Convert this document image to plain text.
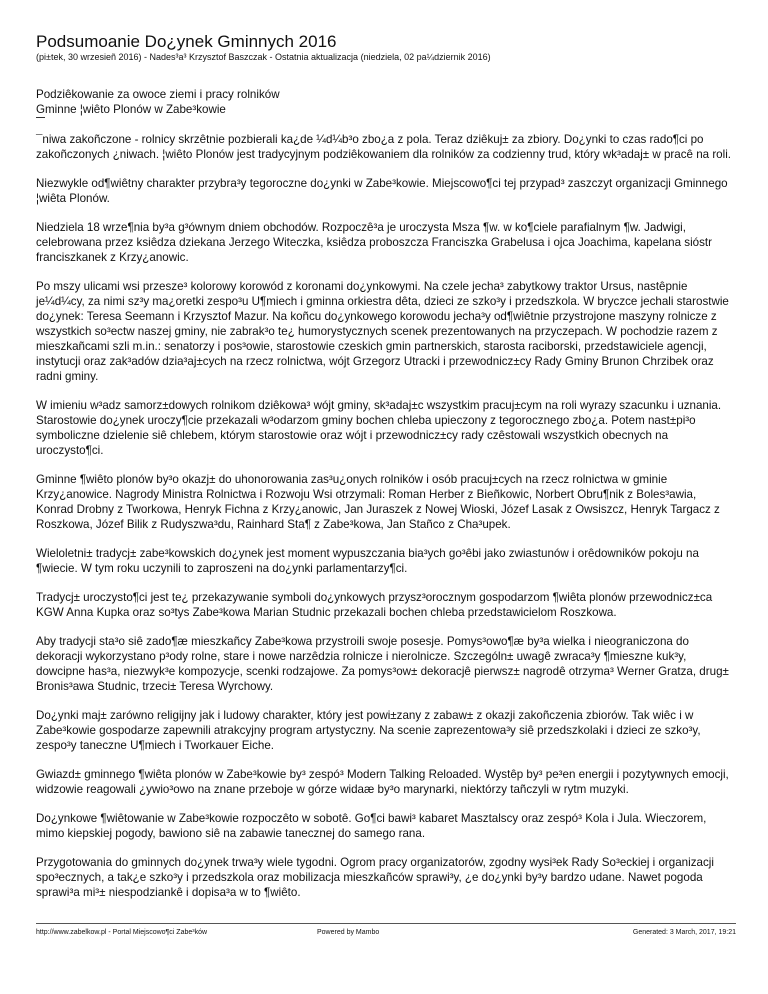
Podsumoanie Do¿ynek Gminnych 2016
(pi±tek, 30 wrzesieñ 2016) - Nades³a³ Krzysztof Baszczak - Ostatnia aktualizacja (niedziela, 02 pa¼dziernik 2016)
Podziêkowanie za owoce ziemi i pracy rolników
Gminne ¦wiêto Plonów w Zabe³kowie

¯niwa zakoñczone - rolnicy skrzêtnie pozbierali ka¿de ¼d¼b³o zbo¿a z pola. Teraz dziêkuj± za zbiory. Do¿ynki to czas rado¶ci po zakoñczonych ¿niwach. ¦wiêto Plonów jest tradycyjnym podziêkowaniem dla rolników za codzienny trud, który wk³adaj± w pracê na roli.

Niezwykle od¶wiêtny charakter przybra³y tegoroczne do¿ynki w Zabe³kowie. Miejscowo¶ci tej przypad³ zaszczyt organizacji Gminnego ¦wiêta Plonów.

Niedziela 18 wrze¶nia by³a g³ównym dniem obchodów. Rozpoczê³a je uroczysta Msza ¶w. w ko¶ciele parafialnym ¶w. Jadwigi, celebrowana przez ksiêdza dziekana Jerzego Witeczka, ksiêdza proboszcza Franciszka Grabelusa i ojca Joachima, kapelana sióstr franciszkanek z Krzy¿anowic.

Po mszy ulicami wsi przesze³ kolorowy korowód z koronami do¿ynkowymi. Na czele jecha³ zabytkowy traktor Ursus, nastêpnie je¼d¼cy, za nimi sz³y ma¿oretki zespo³u U¶miech i gminna orkiestra dêta, dzieci ze szko³y i przedszkola. W bryczce jechali starostwie do¿ynek: Teresa Seemann i Krzysztof Mazur. Na koñcu do¿ynkowego korowodu jecha³y od¶wiêtnie przystrojone maszyny rolnicze z wszystkich so³ectw naszej gminy, nie zabrak³o te¿ humorystycznych scenek prezentowanych na przyczepach. W pochodzie razem z mieszkañcami szli m.in.: senatorzy i pos³owie, starostowie czeskich gmin partnerskich, starosta raciborski, przedstawiciele agencji, instytucji oraz zak³adów dzia³aj±cych na rzecz rolnictwa, wójt Grzegorz Utracki i przewodnicz±cy Rady Gminy Brunon Chrzibek oraz radni gminy.

W imieniu w³adz samorz±dowych rolnikom dziêkowa³ wójt gminy, sk³adaj±c wszystkim pracuj±cym na roli wyrazy szacunku i uznania. Starostowie do¿ynek uroczy¶cie przekazali w³odarzom gminy bochen chleba upieczony z tegorocznego zbo¿a. Potem nast±pi³o symboliczne dzielenie siê chlebem, którym starostowie oraz wójt i przewodnicz±cy rady czêstowali wszystkich obecnych na uroczysto¶ci.

Gminne ¶wiêto plonów by³o okazj± do uhonorowania zas³u¿onych rolników i osób pracuj±cych na rzecz rolnictwa w gminie Krzy¿anowice. Nagrody Ministra Rolnictwa i Rozwoju Wsi otrzymali: Roman Herber z Bieñkowic, Norbert Obru¶nik z Boles³awia, Konrad Drobny z Tworkowa, Henryk Fichna z Krzy¿anowic, Jan Juraszek z Nowej Wioski, Józef Lasak z Owsiszcz, Henryk Targacz z Roszkowa, Józef Bilik z Rudyszwa³du, Rainhard Sta¶ z Zabe³kowa, Jan Stañco z Cha³upek.

Wieloletni± tradycj± zabe³kowskich do¿ynek jest moment wypuszczania bia³ych go³êbi jako zwiastunów i orêdowników pokoju na ¶wiecie. W tym roku uczynili to zaproszeni na do¿ynki parlamentarzy¶ci.

Tradycj± uroczysto¶ci jest te¿ przekazywanie symboli do¿ynkowych przysz³orocznym gospodarzom ¶wiêta plonów przewodnicz±ca KGW Anna Kupka oraz so³tys Zabe³kowa Marian Studnic przekazali bochen chleba przedstawicielom Roszkowa.

Aby tradycji sta³o siê zado¶æ mieszkañcy Zabe³kowa przystroili swoje posesje. Pomys³owo¶æ by³a wielka i nieograniczona do dekoracji wykorzystano p³ody rolne, stare i nowe narzêdzia rolnicze i nierolnicze. Szczególn± uwagê zwraca³y ¶mieszne kuk³y, dowcipne has³a, niezwyk³e kompozycje, scenki rodzajowe. Za pomys³ow± dekoracjê pierwsz± nagrodê otrzyma³ Werner Gratza, drug± Bronis³awa Studnic, trzeci± Teresa Wyrchowy.

Do¿ynki maj± zarówno religijny jak i ludowy charakter, który jest powi±zany z zabaw± z okazji zakoñczenia zbiorów. Tak wiêc i w Zabe³kowie gospodarze zapewnili atrakcyjny program artystyczny. Na scenie zaprezentowa³y siê przedszkolaki i dzieci ze szko³y, zespo³y taneczne U¶miech i Tworkauer Eiche.

Gwiazd± gminnego ¶wiêta plonów w Zabe³kowie by³ zespó³ Modern Talking Reloaded. Wystêp by³ pe³en energii i pozytywnych emocji, widzowie reagowali ¿ywio³owo na znane przeboje w górze widaæ by³o marynarki, niektórzy tañczyli w rytm muzyki.

Do¿ynkowe ¶wiêtowanie w Zabe³kowie rozpoczêto w sobotê. Go¶ci bawi³ kabaret Masztalscy oraz zespó³ Kola i Jula. Wieczorem, mimo kiepskiej pogody, bawiono siê na zabawie tanecznej do samego rana.

Przygotowania do gminnych do¿ynek trwa³y wiele tygodni. Ogrom pracy organizatorów, zgodny wysi³ek Rady So³eckiej i organizacji spo³ecznych, a tak¿e szko³y i przedszkola oraz mobilizacja mieszkañców sprawi³y, ¿e do¿ynki by³y bardzo udane. Nawet pogoda sprawi³a mi³± niespodziankê i dopisa³a w to ¶wiêto.

http://www.zabelkow.pl - Portal Miejscowo¶ci Zabe³ków	Powered by Mambo	Generated: 3 March, 2017, 19:21
